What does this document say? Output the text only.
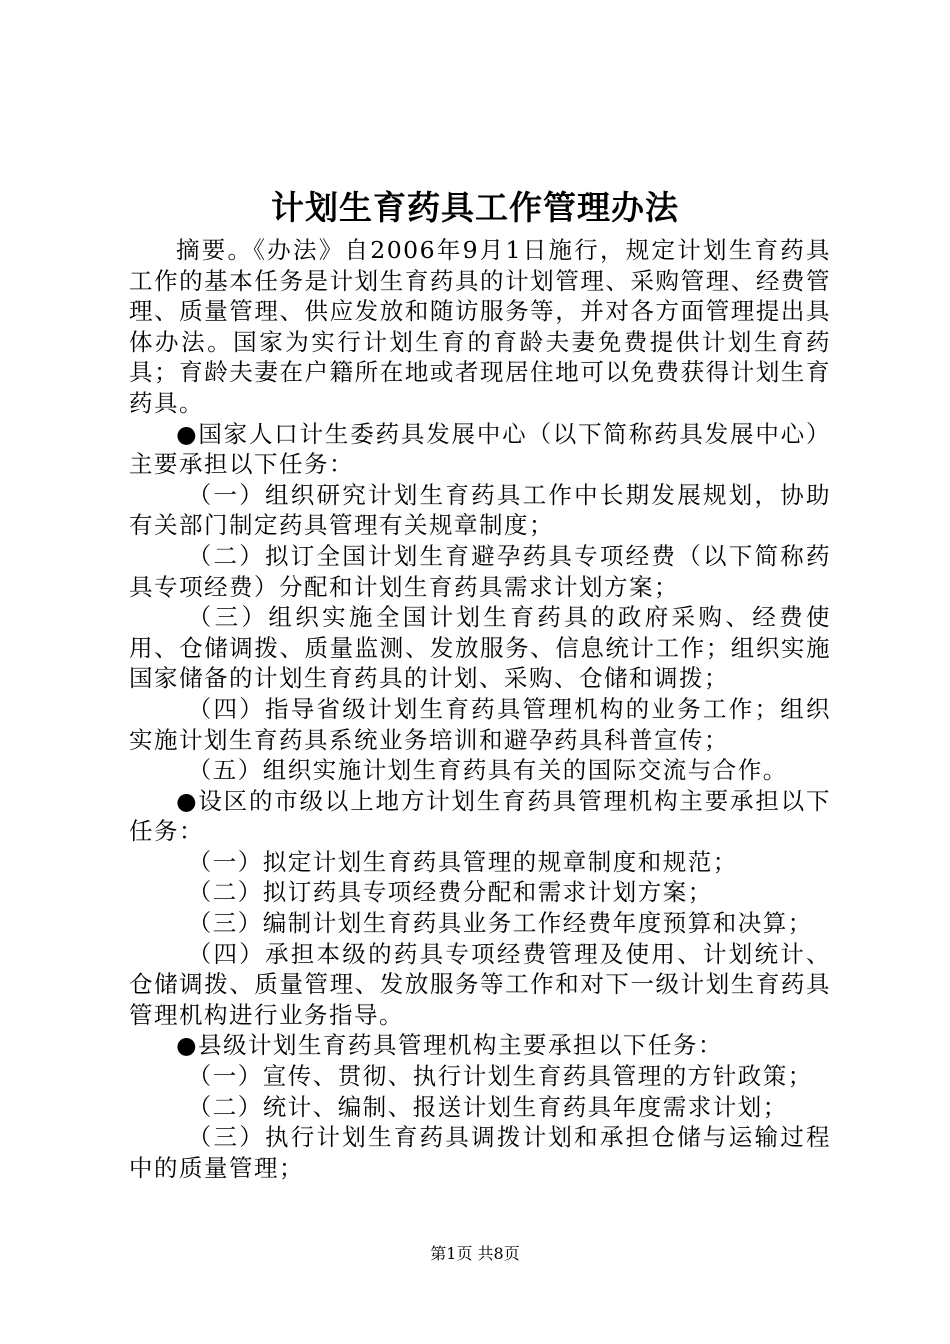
计划生育药具工作管理办法

摘要。《办法》自2006年9月1日施行，规定计划生育药具工作的基本任务是计划生育药具的计划管理、采购管理、经费管理、质量管理、供应发放和随访服务等，并对各方面管理提出具体办法。国家为实行计划生育的育龄夫妻免费提供计划生育药具；育龄夫妻在户籍所在地或者现居住地可以免费获得计划生育药具。

●国家人口计生委药具发展中心（以下简称药具发展中心）主要承担以下任务：

（一）组织研究计划生育药具工作中长期发展规划，协助有关部门制定药具管理有关规章制度；

（二）拟订全国计划生育避孕药具专项经费（以下简称药具专项经费）分配和计划生育药具需求计划方案；

（三）组织实施全国计划生育药具的政府采购、经费使用、仓储调拨、质量监测、发放服务、信息统计工作；组织实施国家储备的计划生育药具的计划、采购、仓储和调拨；

（四）指导省级计划生育药具管理机构的业务工作；组织实施计划生育药具系统业务培训和避孕药具科普宣传；

（五）组织实施计划生育药具有关的国际交流与合作。

●设区的市级以上地方计划生育药具管理机构主要承担以下任务：

（一）拟定计划生育药具管理的规章制度和规范；

（二）拟订药具专项经费分配和需求计划方案；

（三）编制计划生育药具业务工作经费年度预算和决算；

（四）承担本级的药具专项经费管理及使用、计划统计、仓储调拨、质量管理、发放服务等工作和对下一级计划生育药具管理机构进行业务指导。

●县级计划生育药具管理机构主要承担以下任务：

（一）宣传、贯彻、执行计划生育药具管理的方针政策；

（二）统计、编制、报送计划生育药具年度需求计划；

（三）执行计划生育药具调拨计划和承担仓储与运输过程中的质量管理；

第1页 共8页
